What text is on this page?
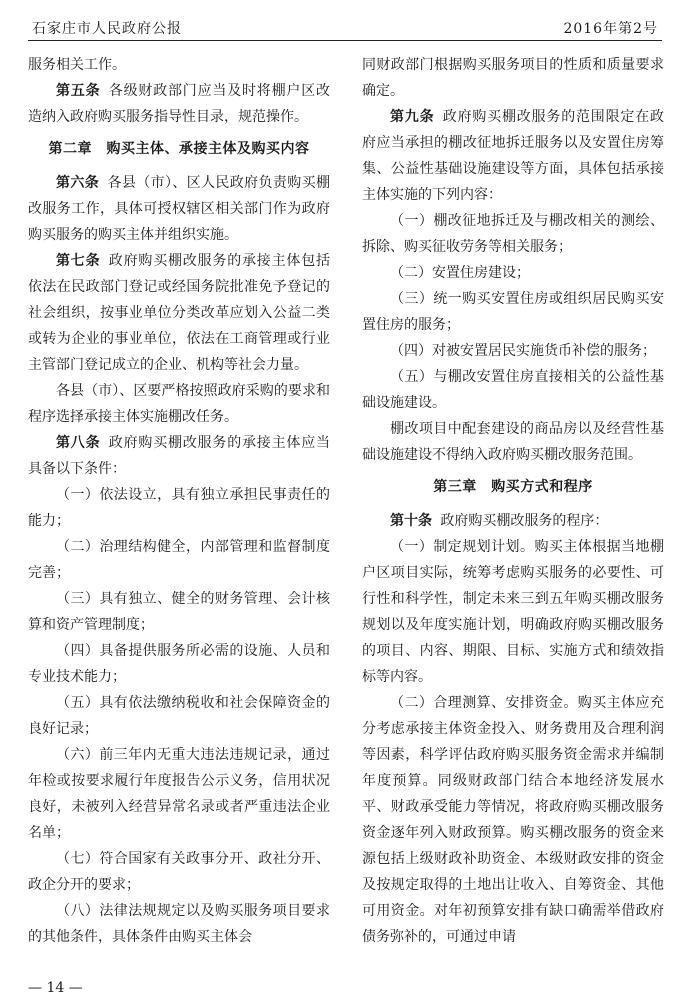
石家庄市人民政府公报	2016年第2号

服务相关工作。

第五条 各级财政部门应当及时将棚户区改造纳入政府购买服务指导性目录，规范操作。

第二章　购买主体、承接主体及购买内容

第六条 各县（市）、区人民政府负责购买棚改服务工作，具体可授权辖区相关部门作为政府购买服务的购买主体并组织实施。

第七条 政府购买棚改服务的承接主体包括依法在民政部门登记或经国务院批准免予登记的社会组织，按事业单位分类改革应划入公益二类或转为企业的事业单位，依法在工商管理或行业主管部门登记成立的企业、机构等社会力量。

各县（市）、区要严格按照政府采购的要求和程序选择承接主体实施棚改任务。

第八条 政府购买棚改服务的承接主体应当具备以下条件：

（一）依法设立，具有独立承担民事责任的能力；

（二）治理结构健全，内部管理和监督制度完善；

（三）具有独立、健全的财务管理、会计核算和资产管理制度；

（四）具备提供服务所必需的设施、人员和专业技术能力；

（五）具有依法缴纳税收和社会保障资金的良好记录；

（六）前三年内无重大违法违规记录，通过年检或按要求履行年度报告公示义务，信用状况良好，未被列入经营异常名录或者严重违法企业名单；

（七）符合国家有关政事分开、政社分开、政企分开的要求；

（八）法律法规规定以及购买服务项目要求的其他条件，具体条件由购买主体会

同财政部门根据购买服务项目的性质和质量要求确定。

第九条 政府购买棚改服务的范围限定在政府应当承担的棚改征地拆迁服务以及安置住房筹集、公益性基础设施建设等方面，具体包括承接主体实施的下列内容：

（一）棚改征地拆迁及与棚改相关的测绘、拆除、购买征收劳务等相关服务；

（二）安置住房建设；

（三）统一购买安置住房或组织居民购买安置住房的服务；

（四）对被安置居民实施货币补偿的服务；

（五）与棚改安置住房直接相关的公益性基础设施建设。

棚改项目中配套建设的商品房以及经营性基础设施建设不得纳入政府购买棚改服务范围。

第三章　购买方式和程序

第十条 政府购买棚改服务的程序：

（一）制定规划计划。购买主体根据当地棚户区项目实际，统筹考虑购买服务的必要性、可行性和科学性，制定未来三到五年购买棚改服务规划以及年度实施计划，明确政府购买棚改服务的项目、内容、期限、目标、实施方式和绩效指标等内容。

（二）合理测算、安排资金。购买主体应充分考虑承接主体资金投入、财务费用及合理利润等因素，科学评估政府购买服务资金需求并编制年度预算。同级财政部门结合本地经济发展水平、财政承受能力等情况，将政府购买棚改服务资金逐年列入财政预算。购买棚改服务的资金来源包括上级财政补助资金、本级财政安排的资金及按规定取得的土地出让收入、自筹资金、其他可用资金。对年初预算安排有缺口确需举借政府债务弥补的，可通过申请

— 14 —
